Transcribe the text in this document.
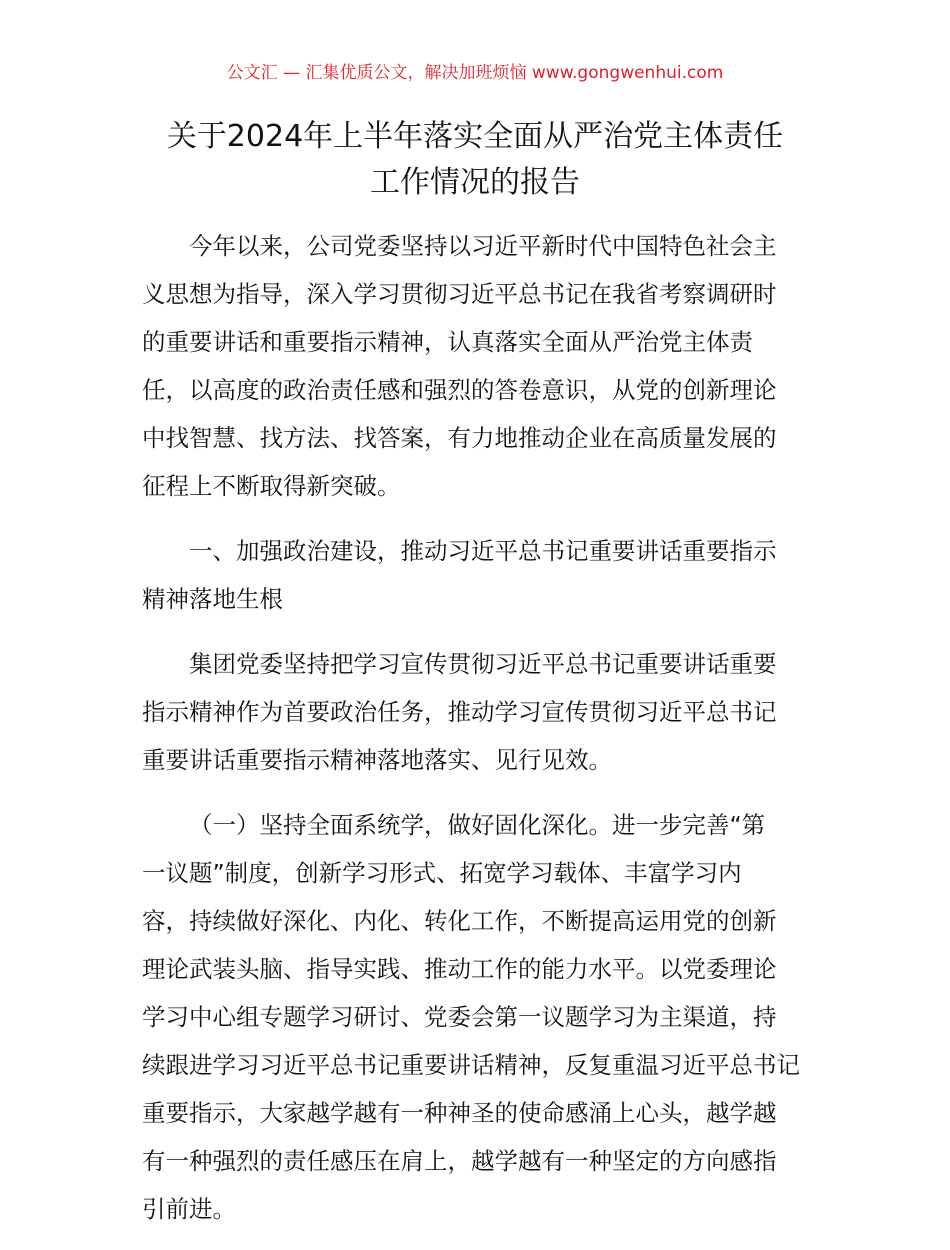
公文汇 — 汇集优质公文，解决加班烦恼 www.gongwenhui.com
关于2024年上半年落实全面从严治党主体责任
工作情况的报告
今年以来，公司党委坚持以习近平新时代中国特色社会主
义思想为指导，深入学习贯彻习近平总书记在我省考察调研时
的重要讲话和重要指示精神，认真落实全面从严治党主体责
任，以高度的政治责任感和强烈的答卷意识，从党的创新理论
中找智慧、找方法、找答案，有力地推动企业在高质量发展的
征程上不断取得新突破。
一、加强政治建设，推动习近平总书记重要讲话重要指示
精神落地生根
集团党委坚持把学习宣传贯彻习近平总书记重要讲话重要
指示精神作为首要政治任务，推动学习宣传贯彻习近平总书记
重要讲话重要指示精神落地落实、见行见效。
（一）坚持全面系统学，做好固化深化。进一步完善“第
一议题”制度，创新学习形式、拓宽学习载体、丰富学习内
容，持续做好深化、内化、转化工作，不断提高运用党的创新
理论武装头脑、指导实践、推动工作的能力水平。以党委理论
学习中心组专题学习研讨、党委会第一议题学习为主渠道，持
续跟进学习习近平总书记重要讲话精神，反复重温习近平总书记
重要指示，大家越学越有一种神圣的使命感涌上心头，越学越
有一种强烈的责任感压在肩上，越学越有一种坚定的方向感指
引前进。
